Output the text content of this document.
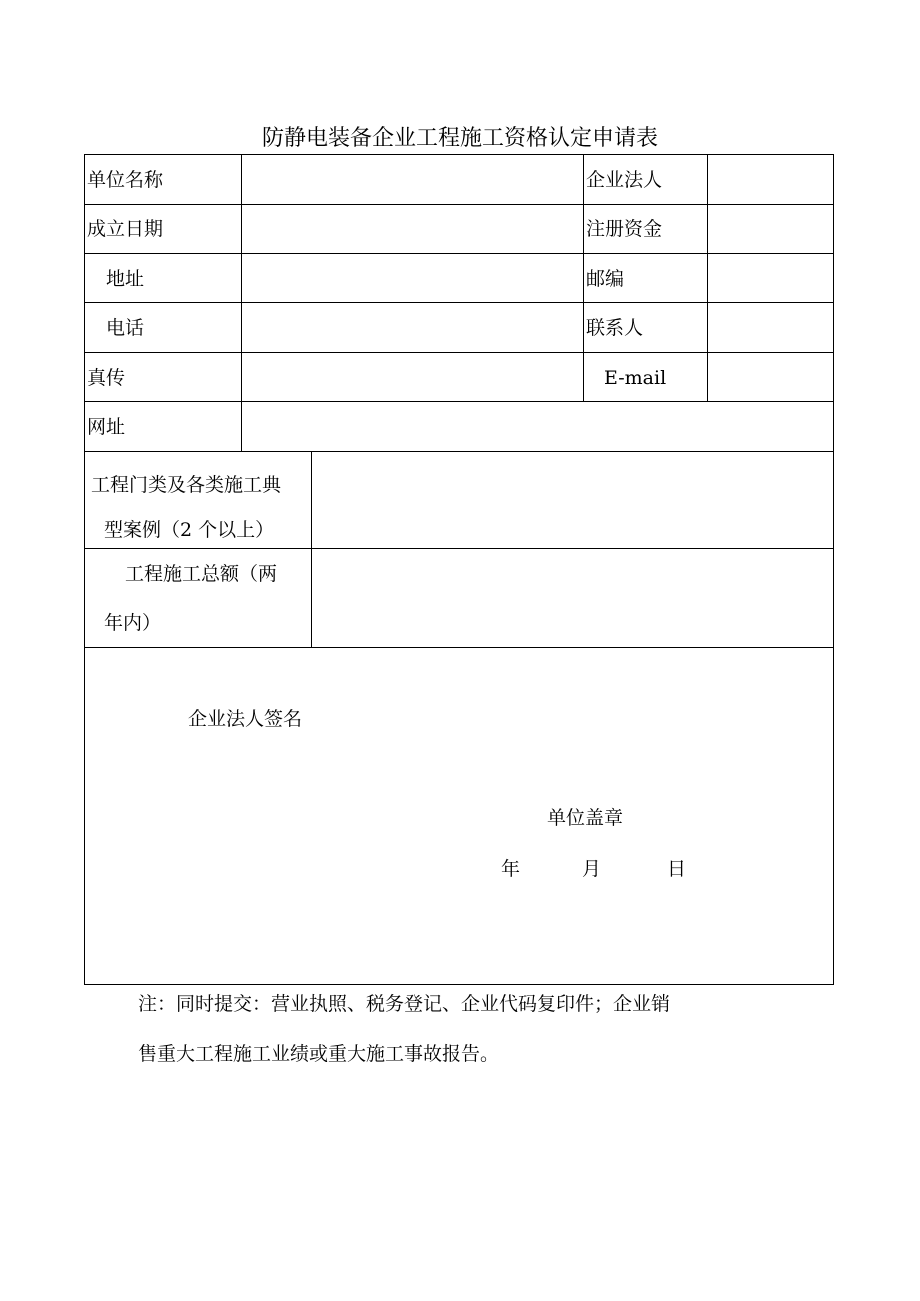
防静电装备企业工程施工资格认定申请表
单位名称	企业法人
成立日期	注册资金
地址	邮编
电话	联系人
真传	E-mail
网址
工程门类及各类施工典
型案例（2 个以上）
工程施工总额（两
年内）
企业法人签名
单位盖章
年	月	日
注：同时提交：营业执照、税务登记、企业代码复印件；企业销
售重大工程施工业绩或重大施工事故报告。
